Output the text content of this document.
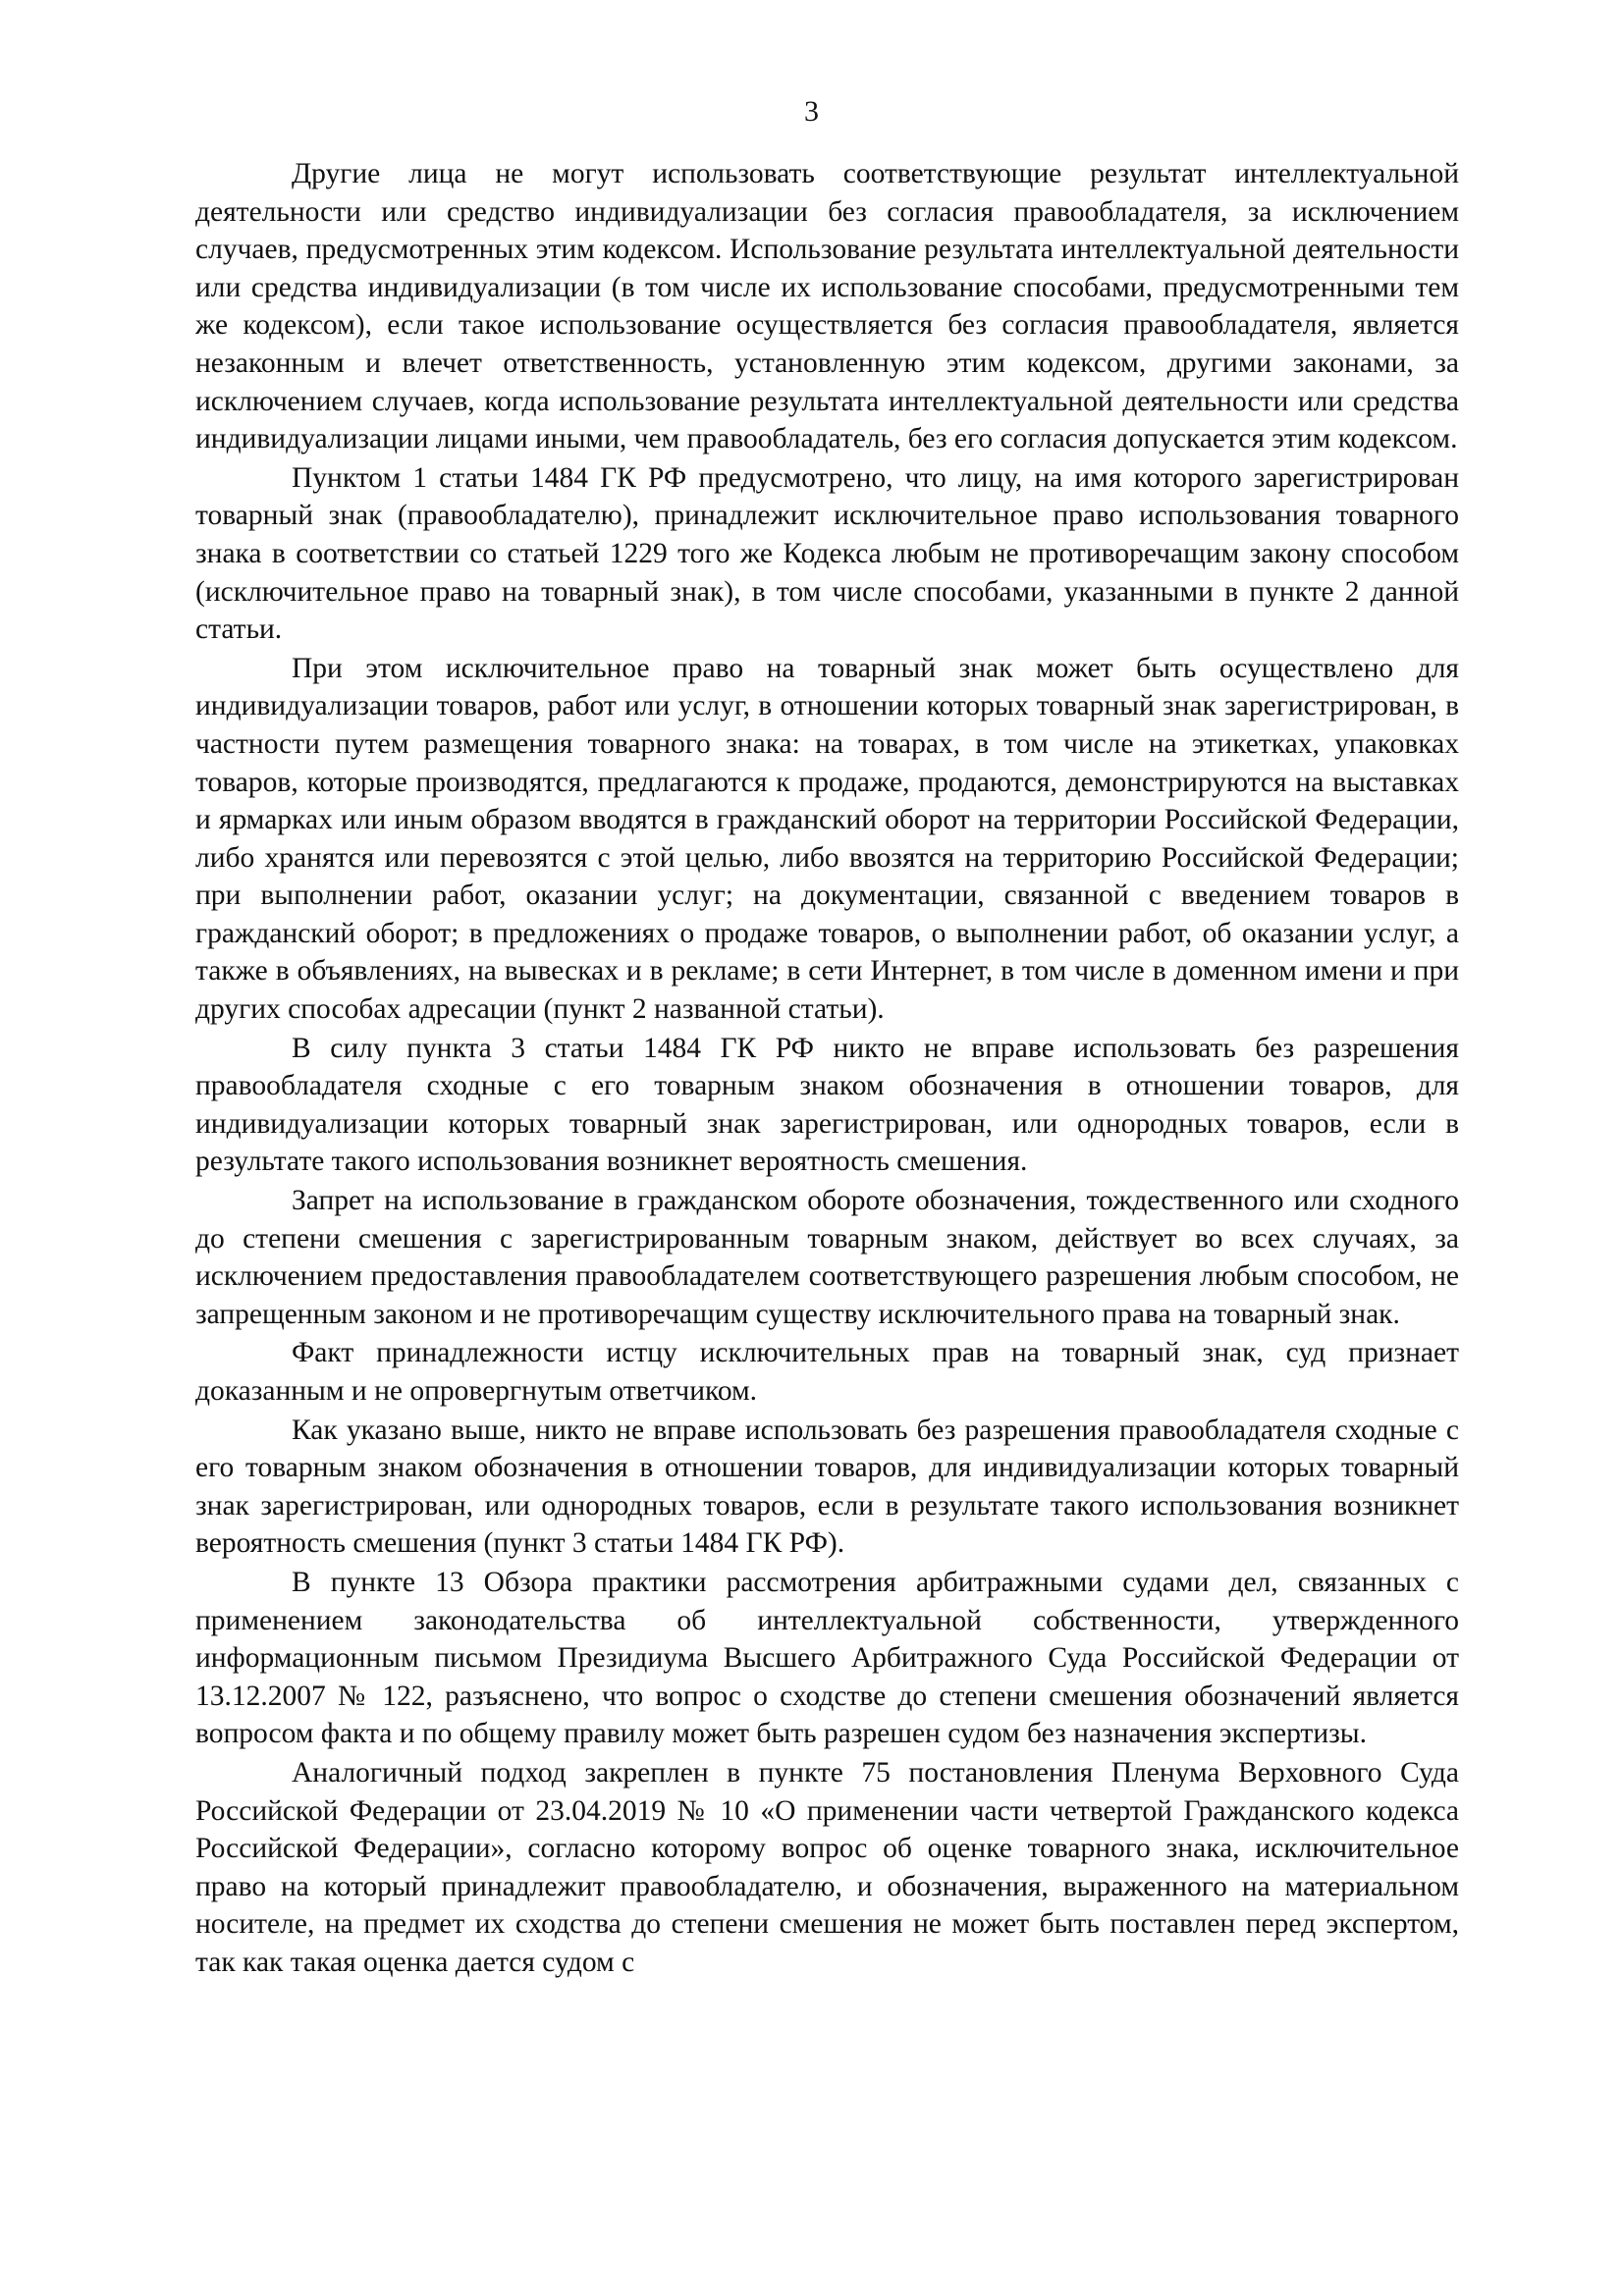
3

Другие лица не могут использовать соответствующие результат интеллектуальной деятельности или средство индивидуализации без согласия правообладателя, за исключением случаев, предусмотренных этим кодексом. Использование результата интеллектуальной деятельности или средства индивидуализации (в том числе их использование способами, предусмотренными тем же кодексом), если такое использование осуществляется без согласия правообладателя, является незаконным и влечет ответственность, установленную этим кодексом, другими законами, за исключением случаев, когда использование результата интеллектуальной деятельности или средства индивидуализации лицами иными, чем правообладатель, без его согласия допускается этим кодексом.

Пунктом 1 статьи 1484 ГК РФ предусмотрено, что лицу, на имя которого зарегистрирован товарный знак (правообладателю), принадлежит исключительное право использования товарного знака в соответствии со статьей 1229 того же Кодекса любым не противоречащим закону способом (исключительное право на товарный знак), в том числе способами, указанными в пункте 2 данной статьи.

При этом исключительное право на товарный знак может быть осуществлено для индивидуализации товаров, работ или услуг, в отношении которых товарный знак зарегистрирован, в частности путем размещения товарного знака: на товарах, в том числе на этикетках, упаковках товаров, которые производятся, предлагаются к продаже, продаются, демонстрируются на выставках и ярмарках или иным образом вводятся в гражданский оборот на территории Российской Федерации, либо хранятся или перевозятся с этой целью, либо ввозятся на территорию Российской Федерации; при выполнении работ, оказании услуг; на документации, связанной с введением товаров в гражданский оборот; в предложениях о продаже товаров, о выполнении работ, об оказании услуг, а также в объявлениях, на вывесках и в рекламе; в сети Интернет, в том числе в доменном имени и при других способах адресации (пункт 2 названной статьи).

В силу пункта 3 статьи 1484 ГК РФ никто не вправе использовать без разрешения правообладателя сходные с его товарным знаком обозначения в отношении товаров, для индивидуализации которых товарный знак зарегистрирован, или однородных товаров, если в результате такого использования возникнет вероятность смешения.

Запрет на использование в гражданском обороте обозначения, тождественного или сходного до степени смешения с зарегистрированным товарным знаком, действует во всех случаях, за исключением предоставления правообладателем соответствующего разрешения любым способом, не запрещенным законом и не противоречащим существу исключительного права на товарный знак.

Факт принадлежности истцу исключительных прав на товарный знак, суд признает доказанным и не опровергнутым ответчиком.

Как указано выше, никто не вправе использовать без разрешения правообладателя сходные с его товарным знаком обозначения в отношении товаров, для индивидуализации которых товарный знак зарегистрирован, или однородных товаров, если в результате такого использования возникнет вероятность смешения (пункт 3 статьи 1484 ГК РФ).

В пункте 13 Обзора практики рассмотрения арбитражными судами дел, связанных с применением законодательства об интеллектуальной собственности, утвержденного информационным письмом Президиума Высшего Арбитражного Суда Российской Федерации от 13.12.2007 № 122, разъяснено, что вопрос о сходстве до степени смешения обозначений является вопросом факта и по общему правилу может быть разрешен судом без назначения экспертизы.

Аналогичный подход закреплен в пункте 75 постановления Пленума Верховного Суда Российской Федерации от 23.04.2019 № 10 «О применении части четвертой Гражданского кодекса Российской Федерации», согласно которому вопрос об оценке товарного знака, исключительное право на который принадлежит правообладателю, и обозначения, выраженного на материальном носителе, на предмет их сходства до степени смешения не может быть поставлен перед экспертом, так как такая оценка дается судом с
